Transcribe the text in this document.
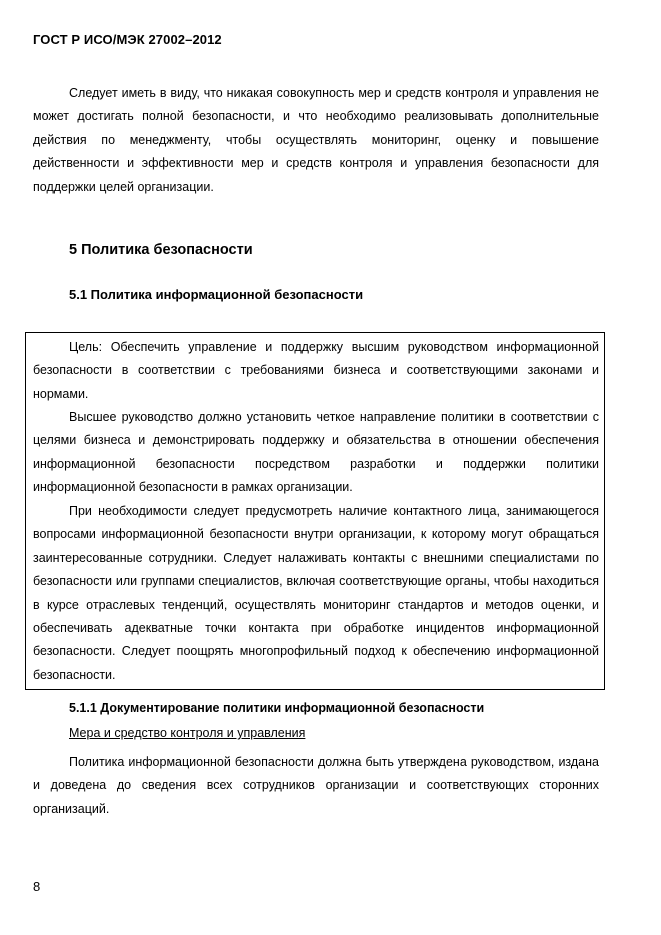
ГОСТ Р ИСО/МЭК 27002–2012

Следует иметь в виду, что никакая совокупность мер и средств контроля и управления не может достигать полной безопасности, и что необходимо реализовывать дополнительные действия по менеджменту, чтобы осуществлять мониторинг, оценку и повышение действенности и эффективности мер и средств контроля и управления безопасности для поддержки целей организации.

5 Политика безопасности
5.1 Политика информационной безопасности

Цель: Обеспечить управление и поддержку высшим руководством информационной безопасности в соответствии с требованиями бизнеса и соответствующими законами и нормами.

Высшее руководство должно установить четкое направление политики в соответствии с целями бизнеса и демонстрировать поддержку и обязательства в отношении обеспечения информационной безопасности посредством разработки и поддержки политики информационной безопасности в рамках организации.

При необходимости следует предусмотреть наличие контактного лица, занимающегося вопросами информационной безопасности внутри организации, к которому могут обращаться заинтересованные сотрудники. Следует налаживать контакты с внешними специалистами по безопасности или группами специалистов, включая соответствующие органы, чтобы находиться в курсе отраслевых тенденций, осуществлять мониторинг стандартов и методов оценки, и обеспечивать адекватные точки контакта при обработке инцидентов информационной безопасности. Следует поощрять многопрофильный подход к обеспечению информационной безопасности.

5.1.1 Документирование политики информационной безопасности
Мера и средство контроля и управления

Политика информационной безопасности должна быть утверждена руководством, издана и доведена до сведения всех сотрудников организации и соответствующих сторонних организаций.

8
